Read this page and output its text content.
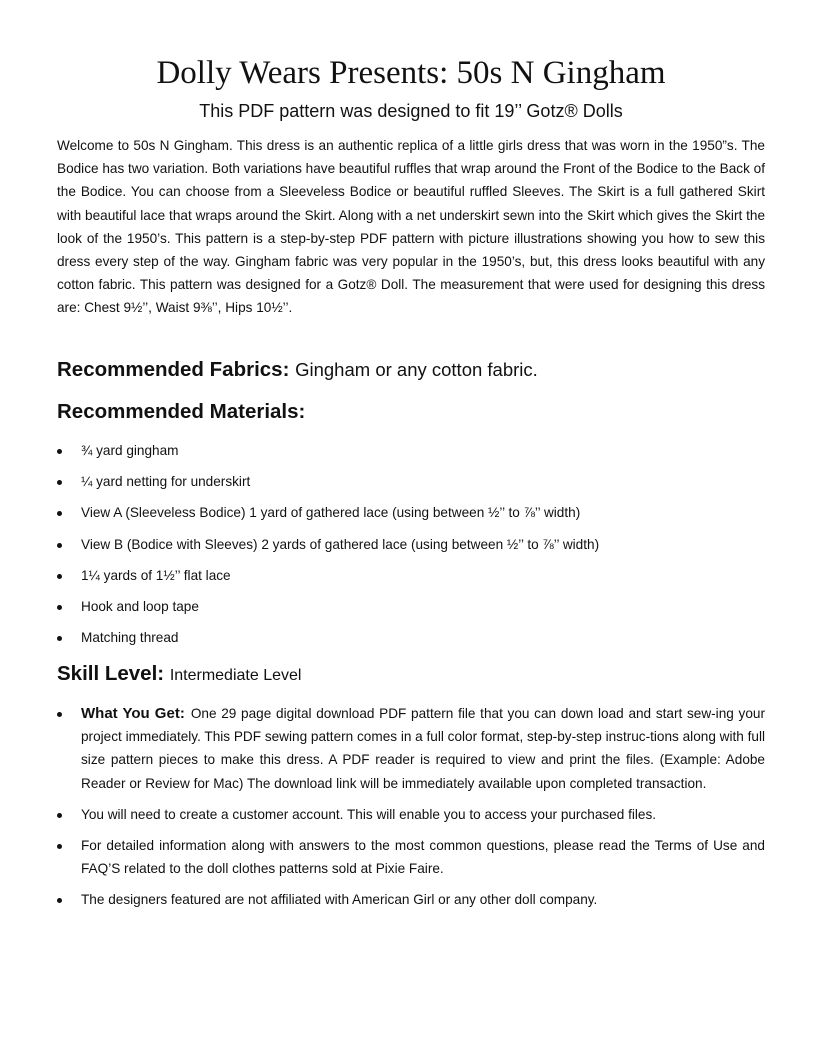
Dolly Wears Presents: 50s N Gingham
This PDF pattern was designed to fit 19’’ Gotz® Dolls

Welcome to 50s N Gingham. This dress is an authentic replica of a little girls dress that was worn in the 1950”s. The Bodice has two variation. Both variations have beautiful ruffles that wrap around the Front of the Bodice to the Back of the Bodice. You can choose from a Sleeveless Bodice or beautiful ruffled Sleeves. The Skirt is a full gathered Skirt with beautiful lace that wraps around the Skirt. Along with a net underskirt sewn into the Skirt which gives the Skirt the look of the 1950’s. This pattern is a step-by-step PDF pattern with picture illustrations showing you how to sew this dress every step of the way. Gingham fabric was very popular in the 1950’s, but, this dress looks beautiful with any cotton fabric. This pattern was designed for a Gotz® Doll. The measurement that were used for designing this dress are: Chest 9½’’, Waist 9⅜’’, Hips 10½’’.

Recommended Fabrics: Gingham or any cotton fabric.
Recommended Materials:
¾ yard gingham
¼ yard netting for underskirt
View A (Sleeveless Bodice) 1 yard of gathered lace (using between ½’’ to ⅞’’ width)
View B (Bodice with Sleeves) 2 yards of gathered lace (using between ½’’ to ⅞’’ width)
1¼ yards of 1½’’ flat lace
Hook and loop tape
Matching thread
Skill Level: Intermediate Level
What You Get: One 29 page digital download PDF pattern file that you can down load and start sew-ing your project immediately. This PDF sewing pattern comes in a full color format, step-by-step instruc-tions along with full size pattern pieces to make this dress. A PDF reader is required to view and print the files. (Example: Adobe Reader or Review for Mac) The download link will be immediately available upon completed transaction.
You will need to create a customer account. This will enable you to access your purchased files.
For detailed information along with answers to the most common questions, please read the Terms of Use and FAQ’S related to the doll clothes patterns sold at Pixie Faire.
The designers featured are not affiliated with American Girl or any other doll company.
